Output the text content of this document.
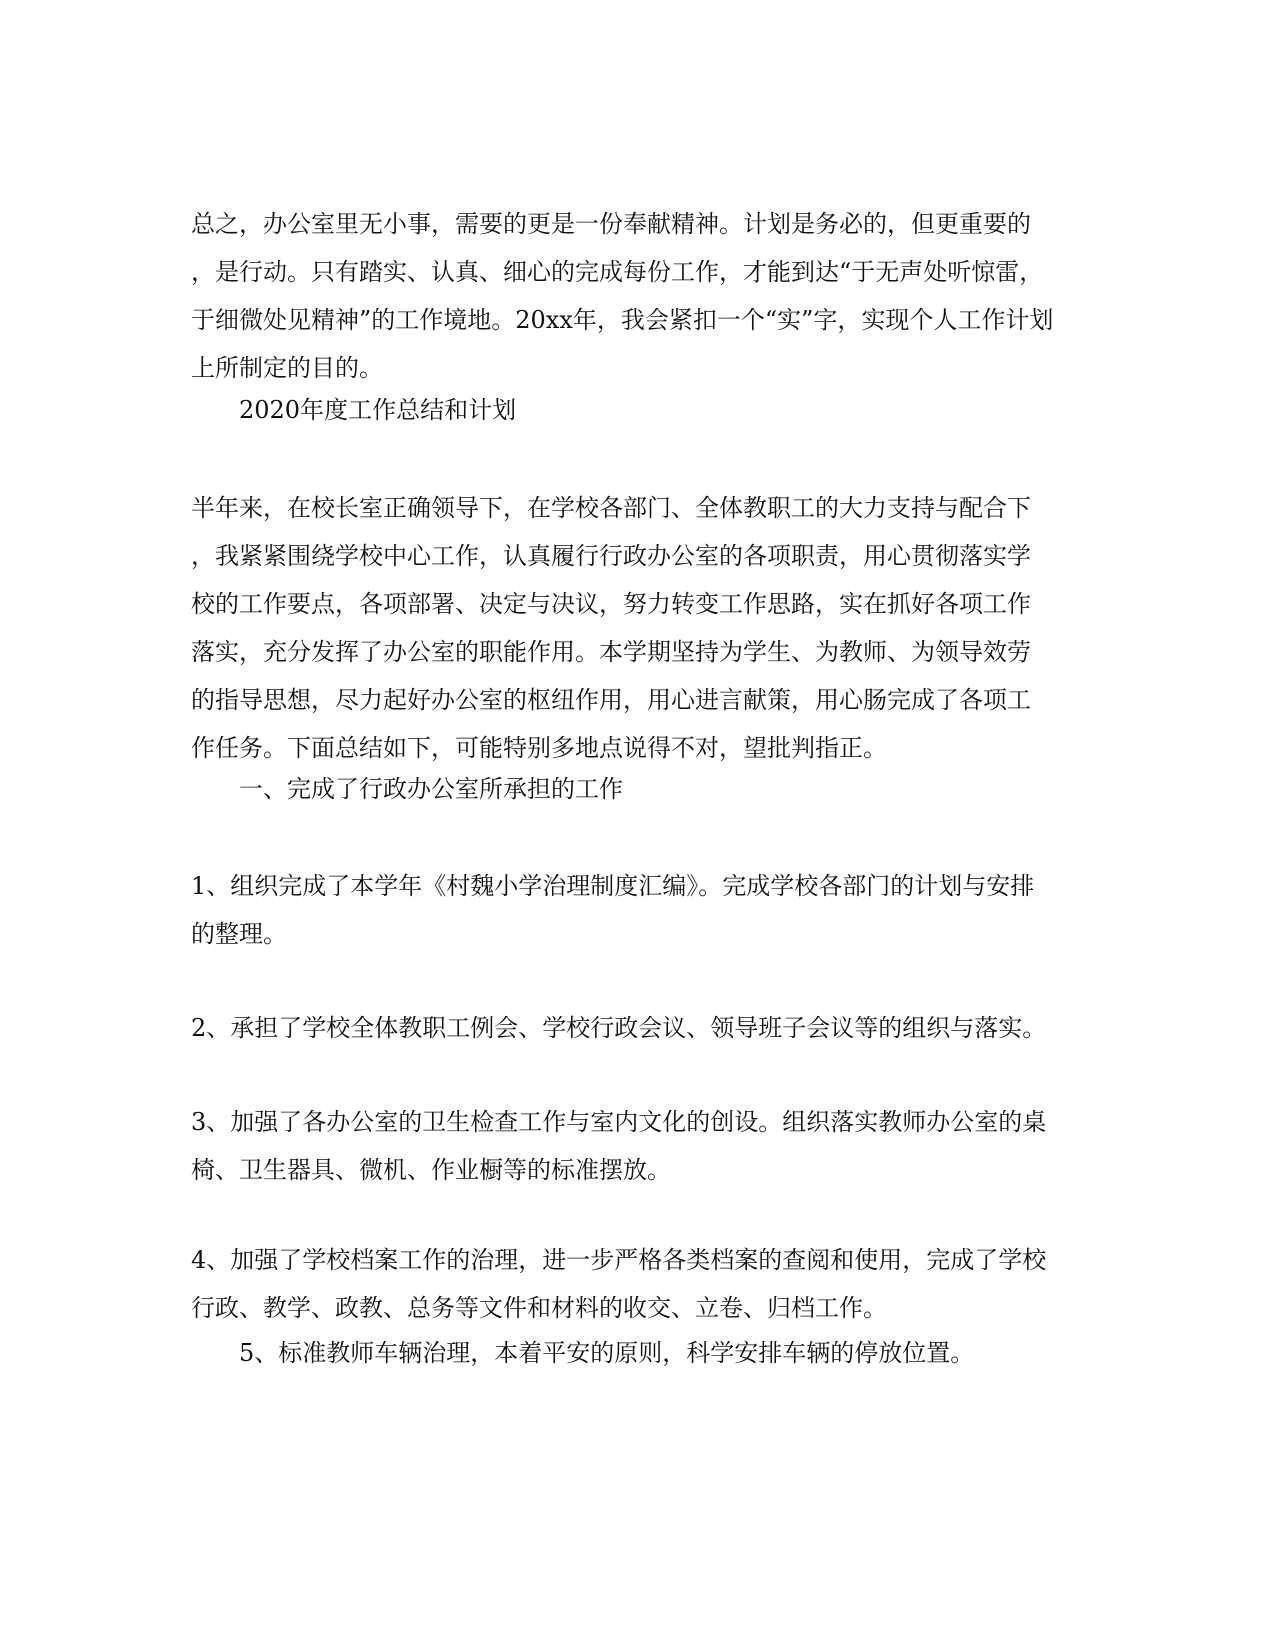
总之，办公室里无小事，需要的更是一份奉献精神。计划是务必的，但更重要的
，是行动。只有踏实、认真、细心的完成每份工作，才能到达“于无声处听惊雷，
于细微处见精神”的工作境地。20xx年，我会紧扣一个“实”字，实现个人工作计划
上所制定的目的。
2020年度工作总结和计划
半年来，在校长室正确领导下，在学校各部门、全体教职工的大力支持与配合下
，我紧紧围绕学校中心工作，认真履行行政办公室的各项职责，用心贯彻落实学
校的工作要点，各项部署、决定与决议，努力转变工作思路，实在抓好各项工作
落实，充分发挥了办公室的职能作用。本学期坚持为学生、为教师、为领导效劳
的指导思想，尽力起好办公室的枢纽作用，用心进言献策，用心肠完成了各项工
作任务。下面总结如下，可能特别多地点说得不对，望批判指正。
一、完成了行政办公室所承担的工作
1、组织完成了本学年《村魏小学治理制度汇编》。完成学校各部门的计划与安排
的整理。
2、承担了学校全体教职工例会、学校行政会议、领导班子会议等的组织与落实。
3、加强了各办公室的卫生检查工作与室内文化的创设。组织落实教师办公室的桌
椅、卫生器具、微机、作业橱等的标准摆放。
4、加强了学校档案工作的治理，进一步严格各类档案的查阅和使用，完成了学校
行政、教学、政教、总务等文件和材料的收交、立卷、归档工作。
5、标准教师车辆治理，本着平安的原则，科学安排车辆的停放位置。
